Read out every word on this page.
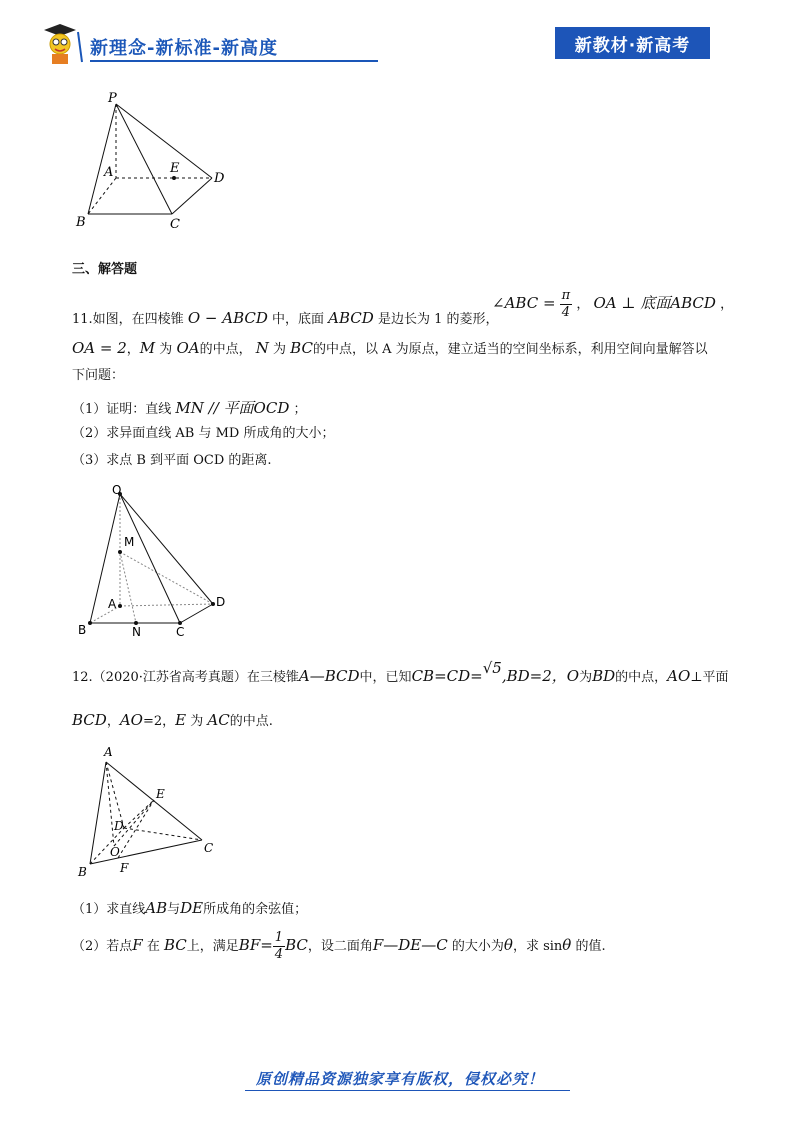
新理念-新标准-新高度	新教材·新高考
P
A	E
D
B	C
三、解答题
11.如图，在四棱锥 O − ABCD 中，底面 ABCD 是边长为 1 的菱形，
∠ABC = $\frac{\pi}{4}$ ， OA ⊥ 底面ABCD ，
OA = 2，M 为 OA的中点， N 为 BC的中点，以 A 为原点，建立适当的空间坐标系，利用空间向量解答以
下问题：
（1）证明：直线 MN // 平面OCD ；
（2）求异面直线 AB 与 MD 所成角的大小；
（3）求点 B 到平面 OCD 的距离.
O
M
A	D
B	N	C
12.（2020·江苏省高考真题）在三棱锥A—BCD中，已知CB=CD=√5,BD=2，O为BD的中点，AO⊥平面
BCD，AO=2，E 为 AC的中点.
A
E
D
O	C
B	F
（1）求直线AB与DE所成角的余弦值；
（2）若点F 在 BC上，满足$BF= \frac{1}{4}$ BC，设二面角F—DE—C 的大小为θ，求 sinθ 的值.
原创精品资源独家享有版权，侵权必究！
